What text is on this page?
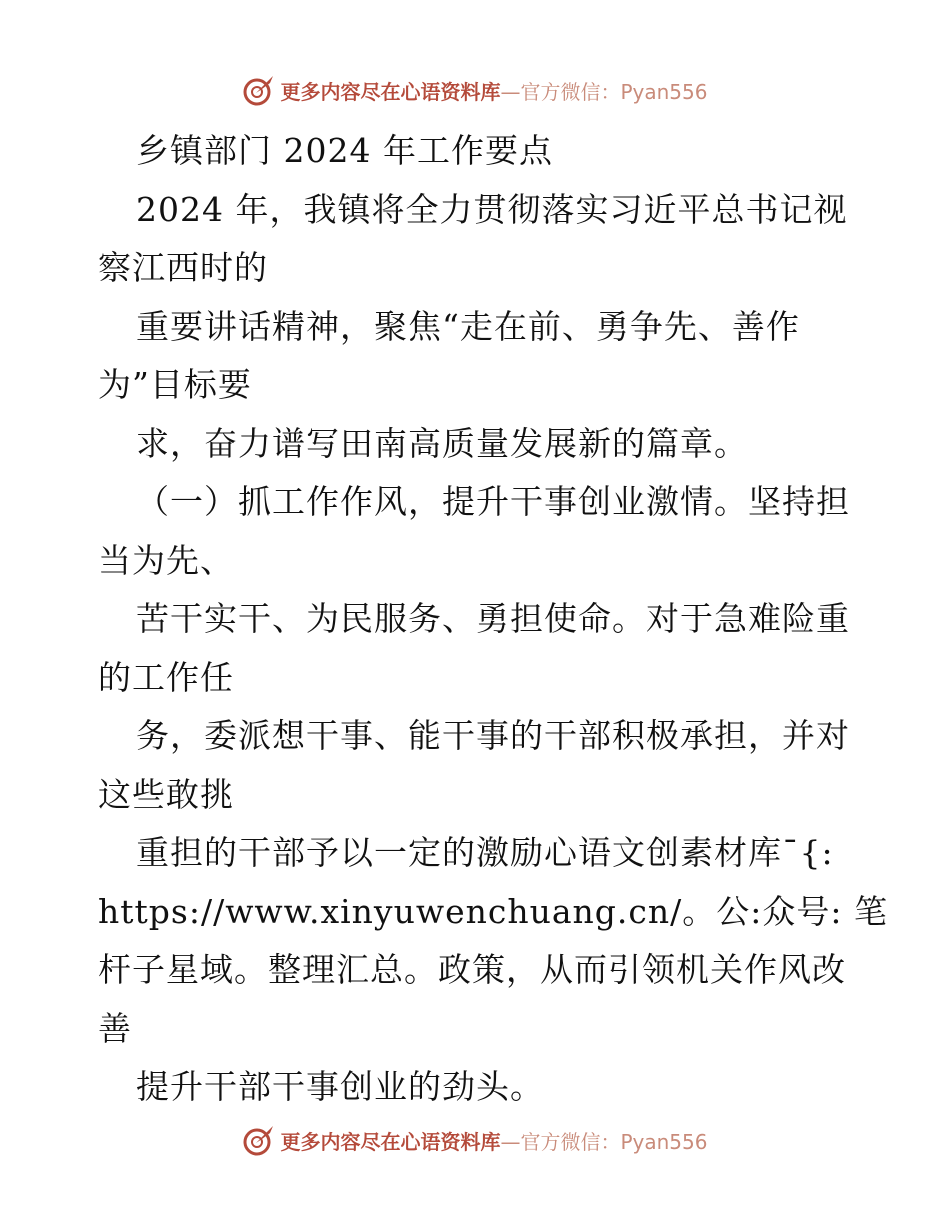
更多内容尽在心语资料库—官方微信：Pyan556
乡镇部门 2024 年工作要点
2024 年，我镇将全力贯彻落实习近平总书记视
察江西时的
重要讲话精神，聚焦“走在前、勇争先、善作
为”目标要
求，奋力谱写田南高质量发展新的篇章。
（一）抓工作作风，提升干事创业激情。坚持担
当为先、
苦干实干、为民服务、勇担使命。对于急难险重
的工作任
务，委派想干事、能干事的干部积极承担，并对
这些敢挑
重担的干部予以一定的激励心语文创素材库¯{:
https://www.xinyuwenchuang.cn/。公:众号: 笔
杆子星域。整理汇总。政策，从而引领机关作风改
善
提升干部干事创业的劲头。
更多内容尽在心语资料库—官方微信：Pyan556
